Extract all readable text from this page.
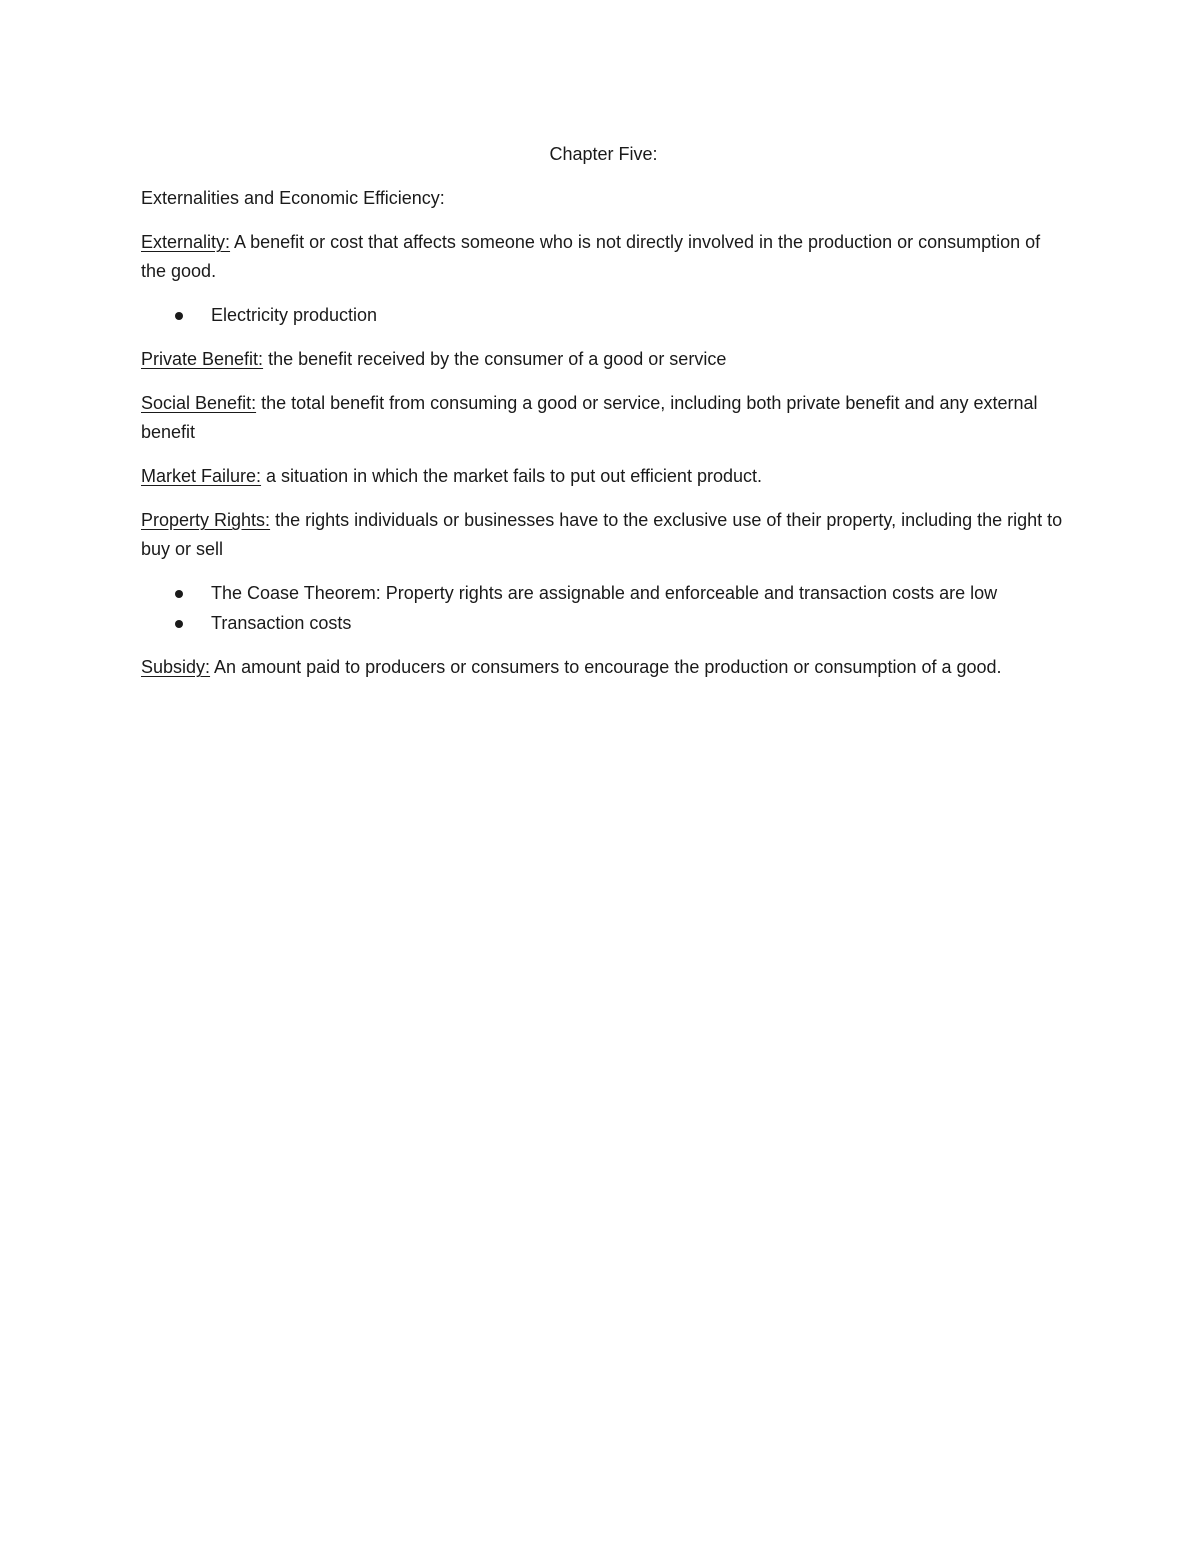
Chapter Five:

Externalities and Economic Efficiency:

Externality: A benefit or cost that affects someone who is not directly involved in the production or consumption of the good.

Electricity production

Private Benefit: the benefit received by the consumer of a good or service

Social Benefit: the total benefit from consuming a good or service, including both private benefit and any external benefit

Market Failure: a situation in which the market fails to put out efficient product.

Property Rights: the rights individuals or businesses have to the exclusive use of their property, including the right to buy or sell

The Coase Theorem: Property rights are assignable and enforceable and transaction costs are low
Transaction costs

Subsidy: An amount paid to producers or consumers to encourage the production or consumption of a good.
